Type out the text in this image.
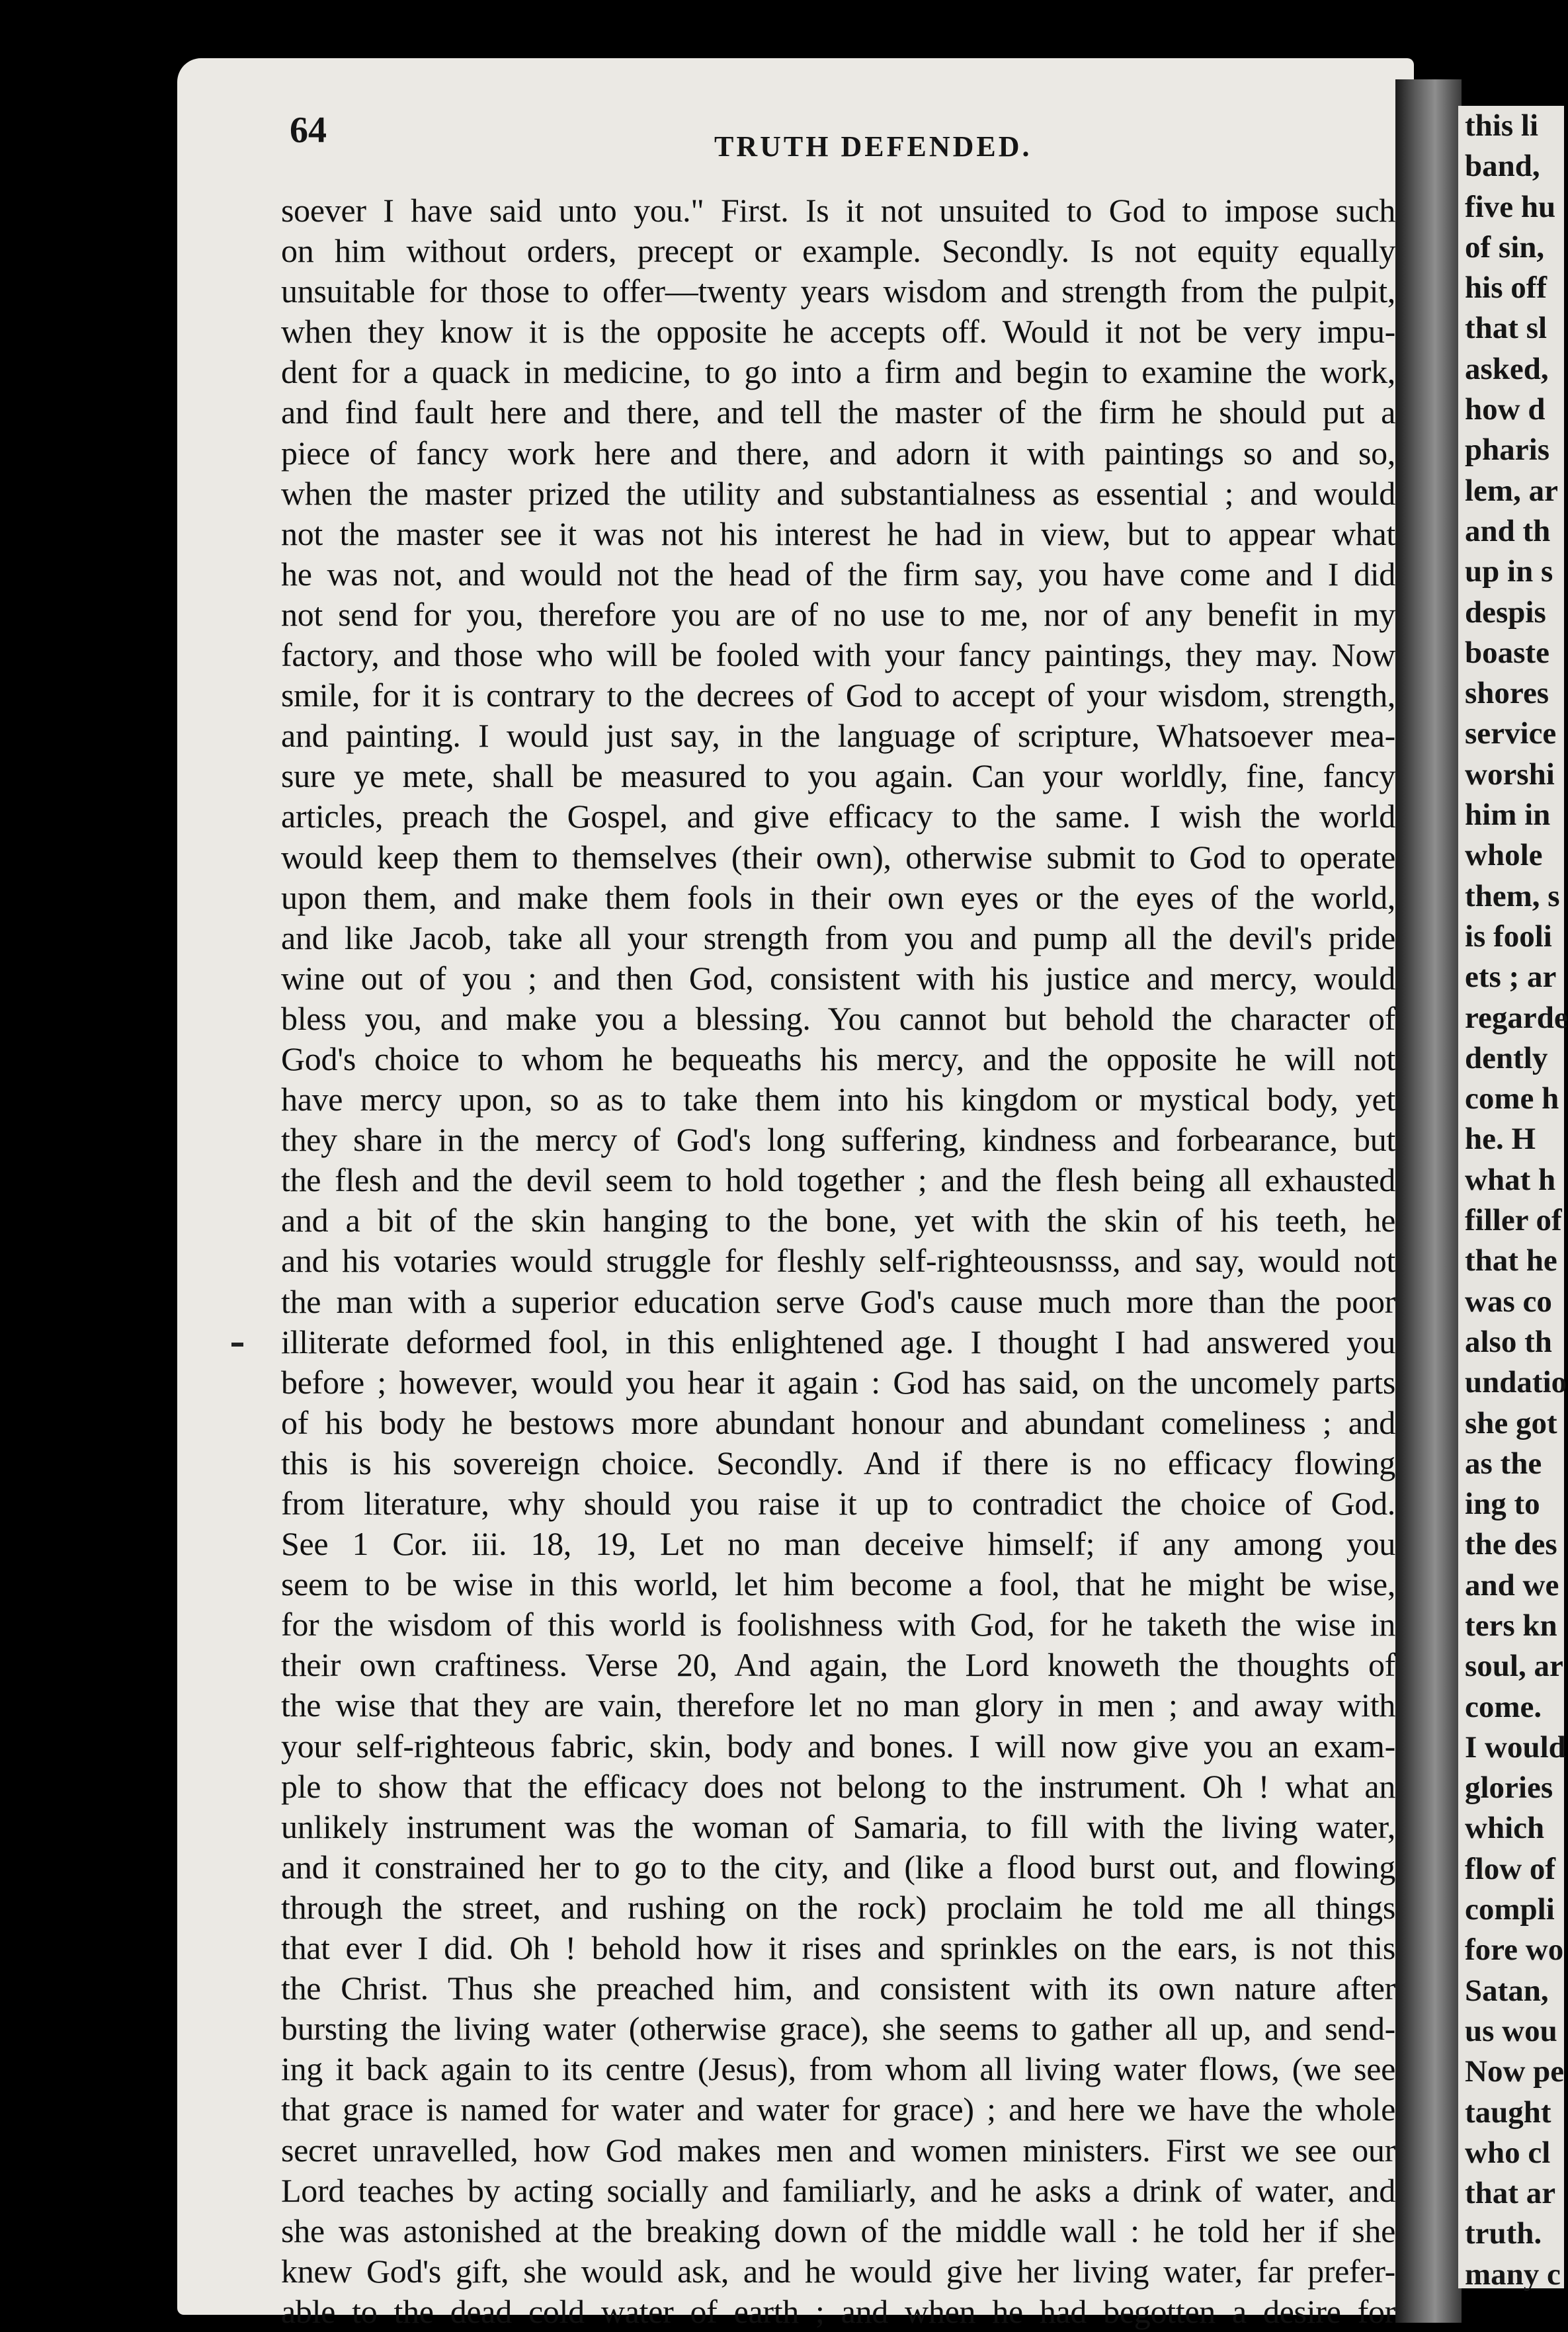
this li
band,
five hu
of sin,
his off
that sl
asked,
how d
pharis
lem, ar
and th
up in s
despis
boaste
shores
service
worshi
him in
whole
them, s
is fooli
ets ; ar
regarde
dently
come h
he. H
what h
filler of
that he
was co
also th
undatio
she got
as the
ing to
the des
and we
ters kn
soul, ar
come.
I would
glories
which
flow of
compli
fore wo
Satan,
us wou
Now pe
taught
who cl
that ar
truth.
many c
64	TRUTH DEFENDED.
soever I have said unto you." First. Is it not unsuited to God to impose such
on him without orders, precept or example. Secondly. Is not equity equally
unsuitable for those to offer—twenty years wisdom and strength from the pulpit,
when they know it is the opposite he accepts off. Would it not be very impu-
dent for a quack in medicine, to go into a firm and begin to examine the work,
and find fault here and there, and tell the master of the firm he should put a
piece of fancy work here and there, and adorn it with paintings so and so,
when the master prized the utility and substantialness as essential ; and would
not the master see it was not his interest he had in view, but to appear what
he was not, and would not the head of the firm say, you have come and I did
not send for you, therefore you are of no use to me, nor of any benefit in my
factory, and those who will be fooled with your fancy paintings, they may. Now
smile, for it is contrary to the decrees of God to accept of your wisdom, strength,
and painting. I would just say, in the language of scripture, Whatsoever mea-
sure ye mete, shall be measured to you again. Can your worldly, fine, fancy
articles, preach the Gospel, and give efficacy to the same. I wish the world
would keep them to themselves (their own), otherwise submit to God to operate
upon them, and make them fools in their own eyes or the eyes of the world,
and like Jacob, take all your strength from you and pump all the devil's pride
wine out of you ; and then God, consistent with his justice and mercy, would
bless you, and make you a blessing. You cannot but behold the character of
God's choice to whom he bequeaths his mercy, and the opposite he will not
have mercy upon, so as to take them into his kingdom or mystical body, yet
they share in the mercy of God's long suffering, kindness and forbearance, but
the flesh and the devil seem to hold together ; and the flesh being all exhausted
and a bit of the skin hanging to the bone, yet with the skin of his teeth, he
and his votaries would struggle for fleshly self-righteousnsss, and say, would not
the man with a superior education serve God's cause much more than the poor
illiterate deformed fool, in this enlightened age. I thought I had answered you
before ; however, would you hear it again : God has said, on the uncomely parts
of his body he bestows more abundant honour and abundant comeliness ; and
this is his sovereign choice. Secondly. And if there is no efficacy flowing
from literature, why should you raise it up to contradict the choice of God.
See 1 Cor. iii. 18, 19, Let no man deceive himself; if any among you
seem to be wise in this world, let him become a fool, that he might be wise,
for the wisdom of this world is foolishness with God, for he taketh the wise in
their own craftiness. Verse 20, And again, the Lord knoweth the thoughts of
the wise that they are vain, therefore let no man glory in men ; and away with
your self-righteous fabric, skin, body and bones. I will now give you an exam-
ple to show that the efficacy does not belong to the instrument. Oh ! what an
unlikely instrument was the woman of Samaria, to fill with the living water,
and it constrained her to go to the city, and (like a flood burst out, and flowing
through the street, and rushing on the rock) proclaim he told me all things
that ever I did. Oh ! behold how it rises and sprinkles on the ears, is not this
the Christ. Thus she preached him, and consistent with its own nature after
bursting the living water (otherwise grace), she seems to gather all up, and send-
ing it back again to its centre (Jesus), from whom all living water flows, (we see
that grace is named for water and water for grace) ; and here we have the whole
secret unravelled, how God makes men and women ministers. First we see our
Lord teaches by acting socially and familiarly, and he asks a drink of water, and
she was astonished at the breaking down of the middle wall : he told her if she
knew God's gift, she would ask, and he would give her living water, far prefer-
able to the dead cold water of earth ; and when he had begotten a desire for
